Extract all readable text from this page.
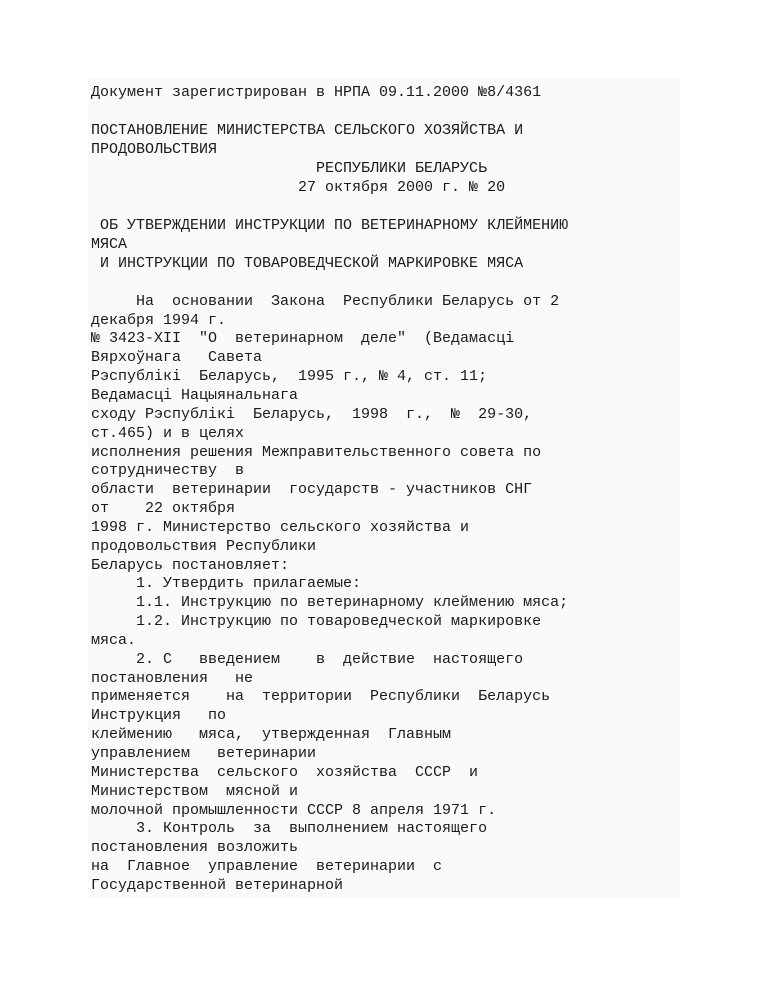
Документ зарегистрирован в НРПА 09.11.2000 №8/4361

ПОСТАНОВЛЕНИЕ МИНИСТЕРСТВА СЕЛЬСКОГО ХОЗЯЙСТВА И

ПРОДОВОЛЬСТВИЯ

РЕСПУБЛИКИ БЕЛАРУСЬ

27 октября 2000 г. № 20

ОБ УТВЕРЖДЕНИИ ИНСТРУКЦИИ ПО ВЕТЕРИНАРНОМУ КЛЕЙМЕНИЮ

МЯСА

И ИНСТРУКЦИИ ПО ТОВАРОВЕДЧЕСКОЙ МАРКИРОВКЕ МЯСА

На  основании  Закона  Республики Беларусь от 2

декабря 1994 г.

№ 3423-XII  "О  ветеринарном  деле"  (Ведамасцi

Вярхоўнага   Савета

Рэспублiкi  Беларусь,  1995 г., № 4, ст. 11;

Ведамасцi Нацыянальнага

сходу Рэспублiкi  Беларусь,  1998  г.,  №  29-30,

ст.465) и в целях

исполнения решения Межправительственного совета по

сотрудничеству  в

области  ветеринарии  государств - участников СНГ

от    22 октября

1998 г. Министерство сельского хозяйства и

продовольствия Республики

Беларусь постановляет:

1. Утвердить прилагаемые:

1.1. Инструкцию по ветеринарному клеймению мяса;

1.2. Инструкцию по товароведческой маркировке

мяса.

2. С   введением    в  действие  настоящего

постановления   не

применяется    на  территории  Республики  Беларусь

Инструкция   по

клеймению   мяса,  утвержденная  Главным

управлением   ветеринарии

Министерства  сельского  хозяйства  СССР  и

Министерством  мясной и

молочной промышленности СССР 8 апреля 1971 г.

3. Контроль  за  выполнением настоящего

постановления возложить

на  Главное  управление  ветеринарии  с

Государственной ветеринарной
